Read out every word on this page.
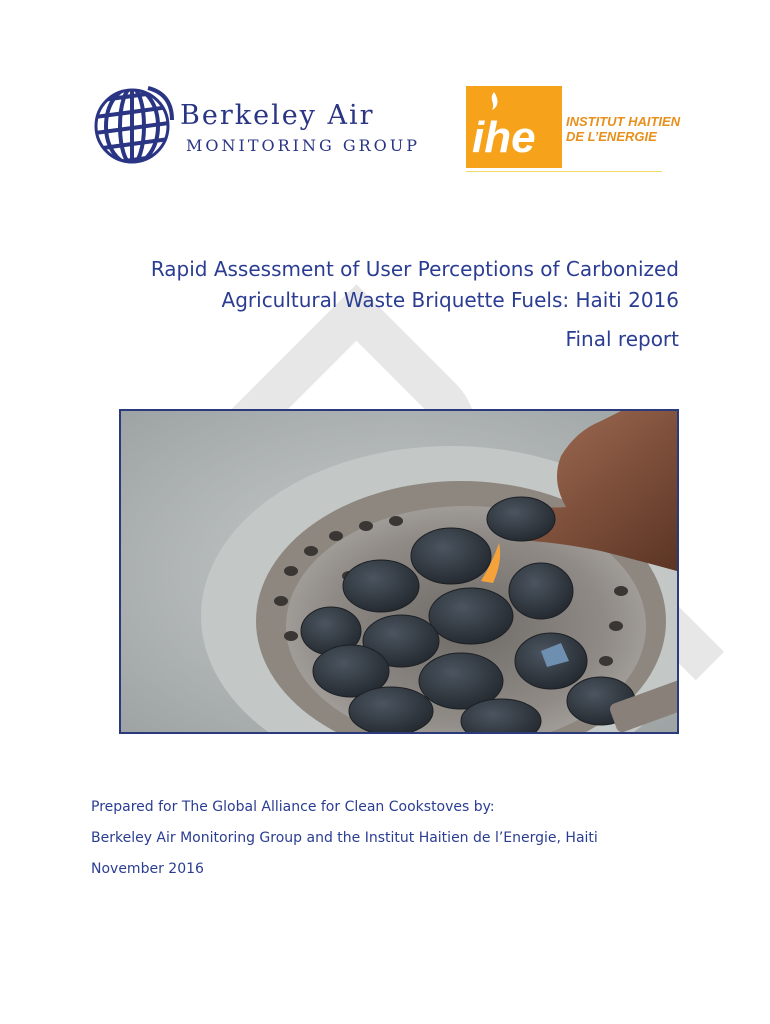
Berkeley Air
MONITORING GROUP ihe INSTITUT HAITIEN
DE L’ENERGIE
Rapid Assessment of User Perceptions of Carbonized
Agricultural Waste Briquette Fuels: Haiti 2016
Final report

Prepared for The Global Alliance for Clean Cookstoves by:

Berkeley Air Monitoring Group and the Institut Haitien de l’Energie, Haiti

November 2016
